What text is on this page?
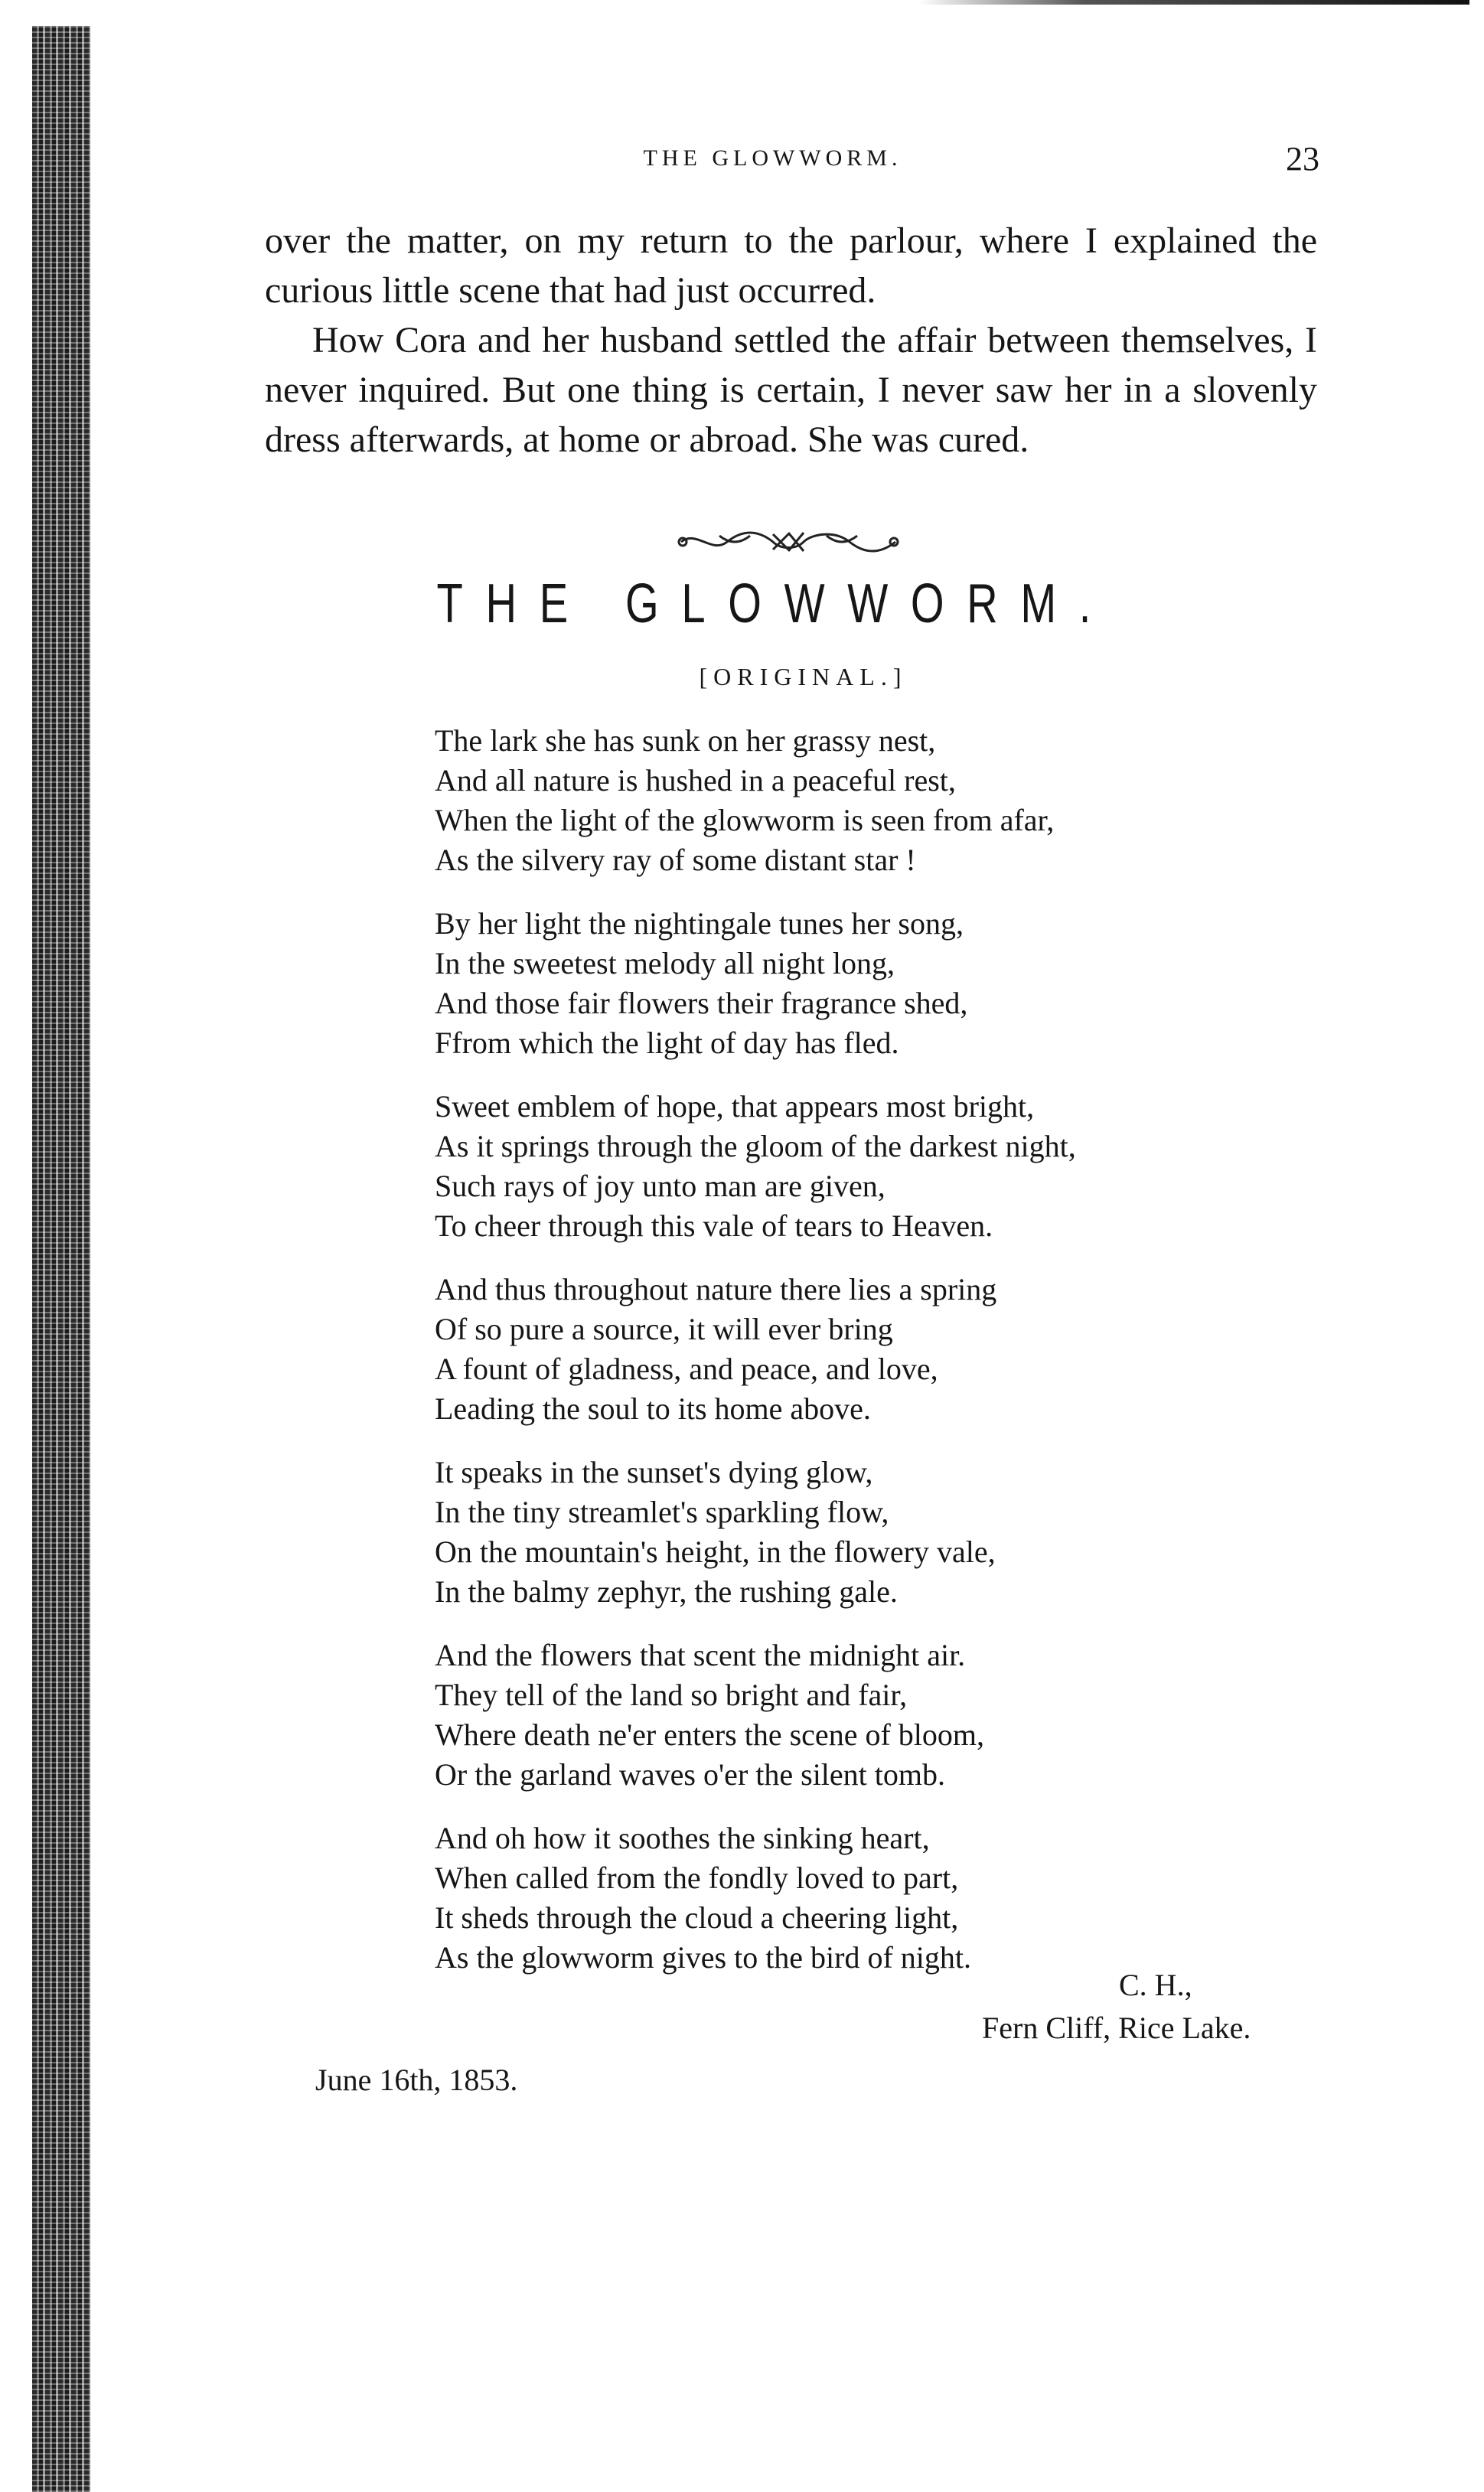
THE GLOWWORM.	23

over the matter, on my return to the parlour, where I explained the curious little scene that had just occurred.

How Cora and her husband settled the affair between themselves, I never inquired. But one thing is certain, I never saw her in a slovenly dress afterwards, at home or abroad. She was cured.

THE GLOWWORM.
[ORIGINAL.]
The lark she has sunk on her grassy nest,
And all nature is hushed in a peaceful rest,
When the light of the glowworm is seen from afar,
As the silvery ray of some distant star !
By her light the nightingale tunes her song,
In the sweetest melody all night long,
And those fair flowers their fragrance shed,
Ffrom which the light of day has fled.
Sweet emblem of hope, that appears most bright,
As it springs through the gloom of the darkest night,
Such rays of joy unto man are given,
To cheer through this vale of tears to Heaven.
And thus throughout nature there lies a spring
Of so pure a source, it will ever bring
A fount of gladness, and peace, and love,
Leading the soul to its home above.
It speaks in the sunset's dying glow,
In the tiny streamlet's sparkling flow,
On the mountain's height, in the flowery vale,
In the balmy zephyr, the rushing gale.
And the flowers that scent the midnight air.
They tell of the land so bright and fair,
Where death ne'er enters the scene of bloom,
Or the garland waves o'er the silent tomb.
And oh how it soothes the sinking heart,
When called from the fondly loved to part,
It sheds through the cloud a cheering light,
As the glowworm gives to the bird of night.
C. H.,
Fern Cliff, Rice Lake.
June 16th, 1853.
